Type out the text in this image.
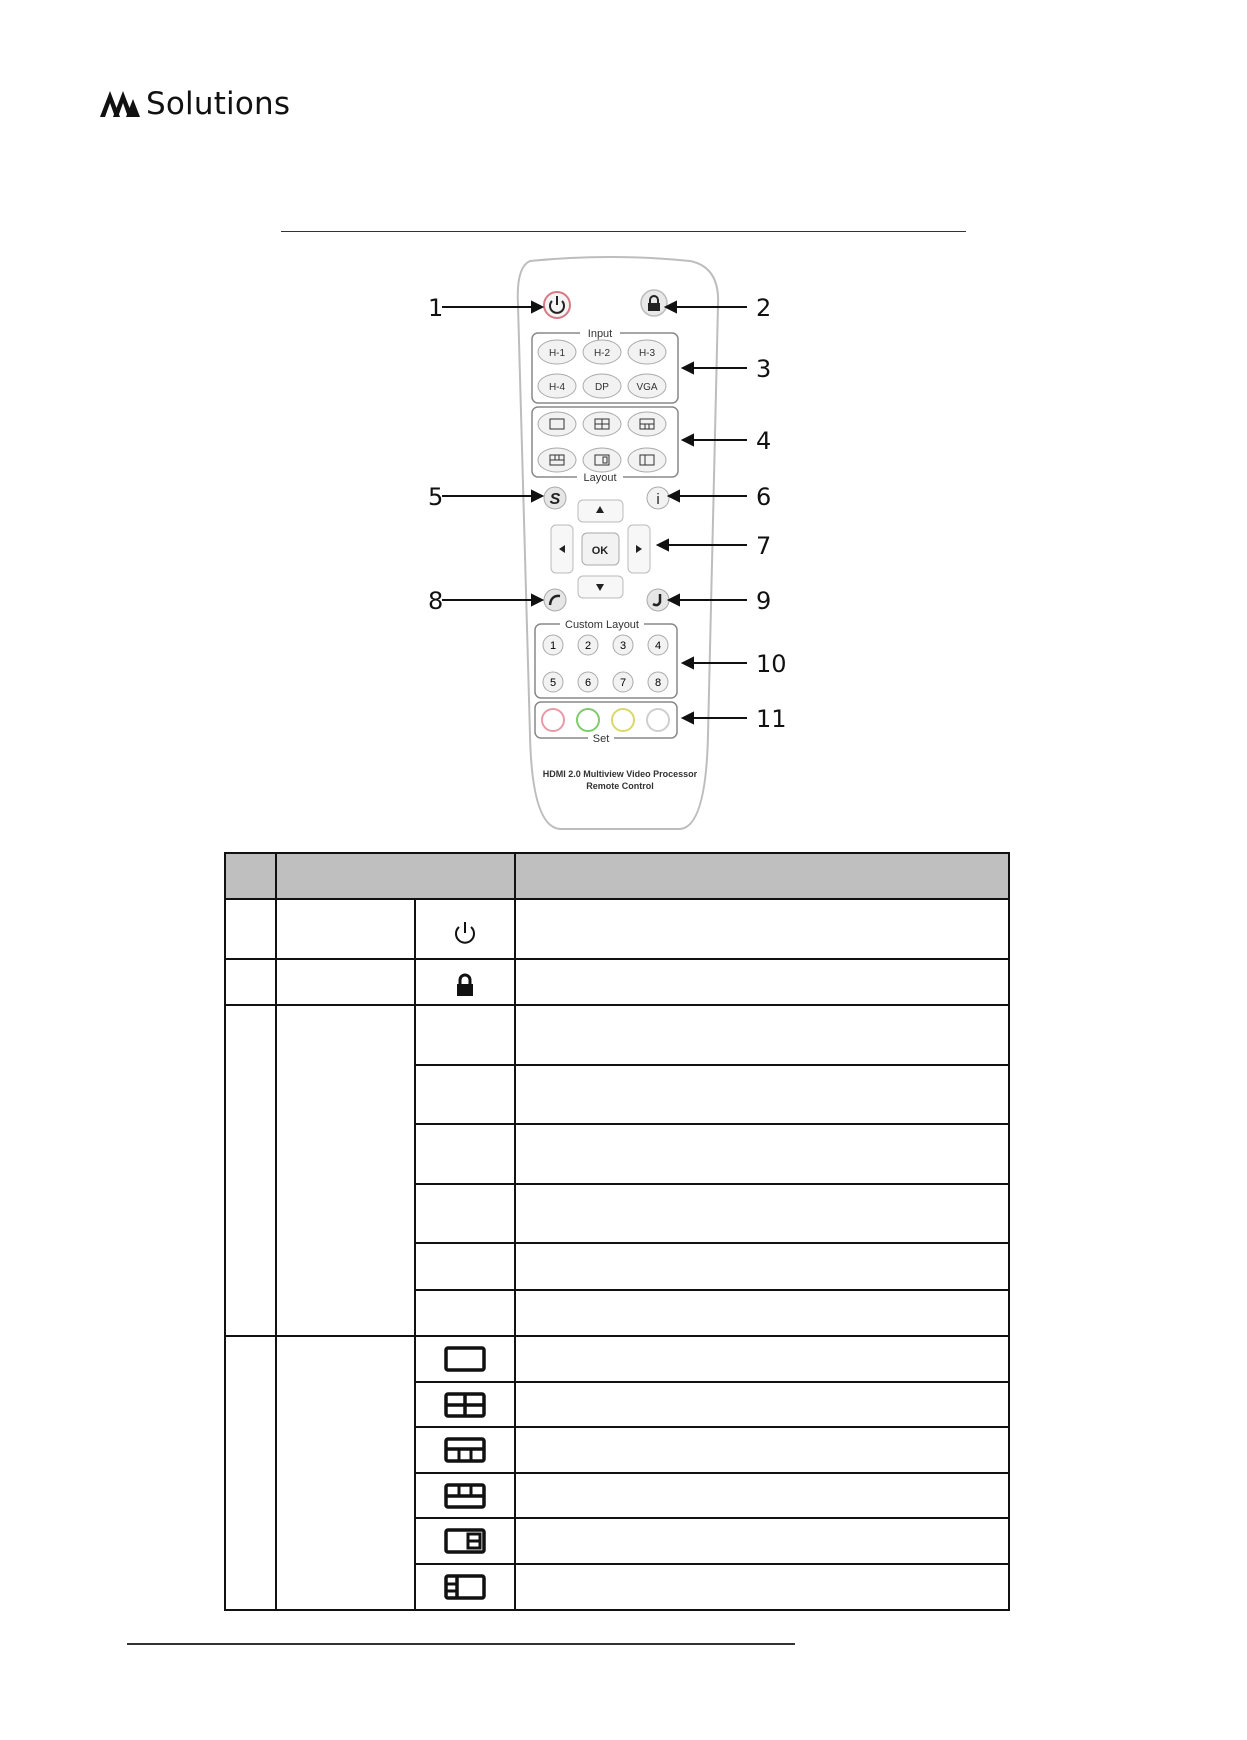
Solutions
Input
H-1	H-2	H-3
H-4	DP	VGA
Layout
S	i
OK
Custom Layout
1	2	3	4
5	6	7	8
Set
HDMI 2.0 Multiview Video Processor
Remote Control
1	2
3
4
5	6
7
8	9
10
11
